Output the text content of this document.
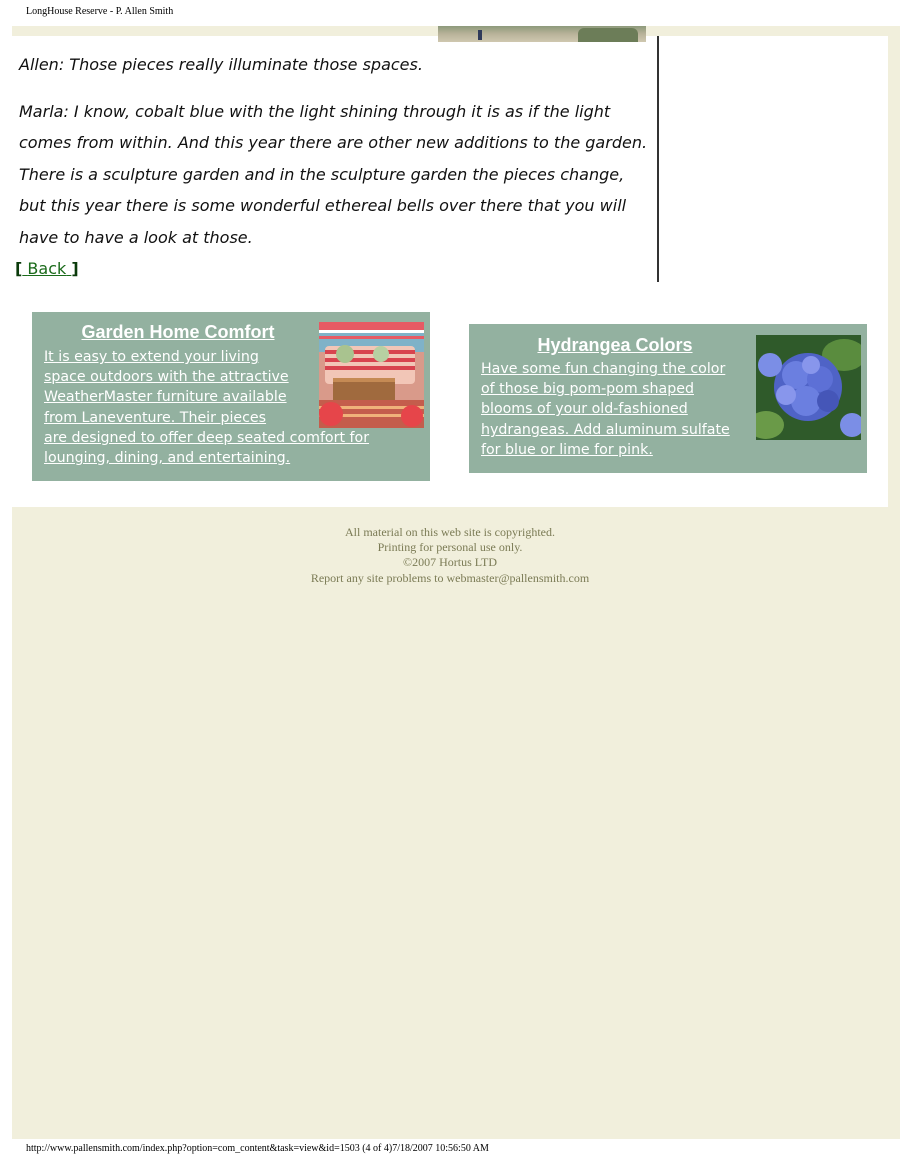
LongHouse Reserve - P. Allen Smith

Allen: Those pieces really illuminate those spaces.

Marla: I know, cobalt blue with the light shining through it is as if the light comes from within. And this year there are other new additions to the garden. There is a sculpture garden and in the sculpture garden the pieces change, but this year there is some wonderful ethereal bells over there that you will have to have a look at those.

[ Back ]
Garden Home Comfort
It is easy to extend your living
space outdoors with the attractive
WeatherMaster furniture available
from Laneventure. Their pieces
are designed to offer deep seated comfort for
lounging, dining, and entertaining.
Hydrangea Colors
Have some fun changing the color
of those big pom-pom shaped
blooms of your old-fashioned
hydrangeas. Add aluminum sulfate
for blue or lime for pink.
All material on this web site is copyrighted.
Printing for personal use only.
©2007 Hortus LTD
Report any site problems to webmaster@pallensmith.com
http://www.pallensmith.com/index.php?option=com_content&task=view&id=1503 (4 of 4)7/18/2007 10:56:50 AM
